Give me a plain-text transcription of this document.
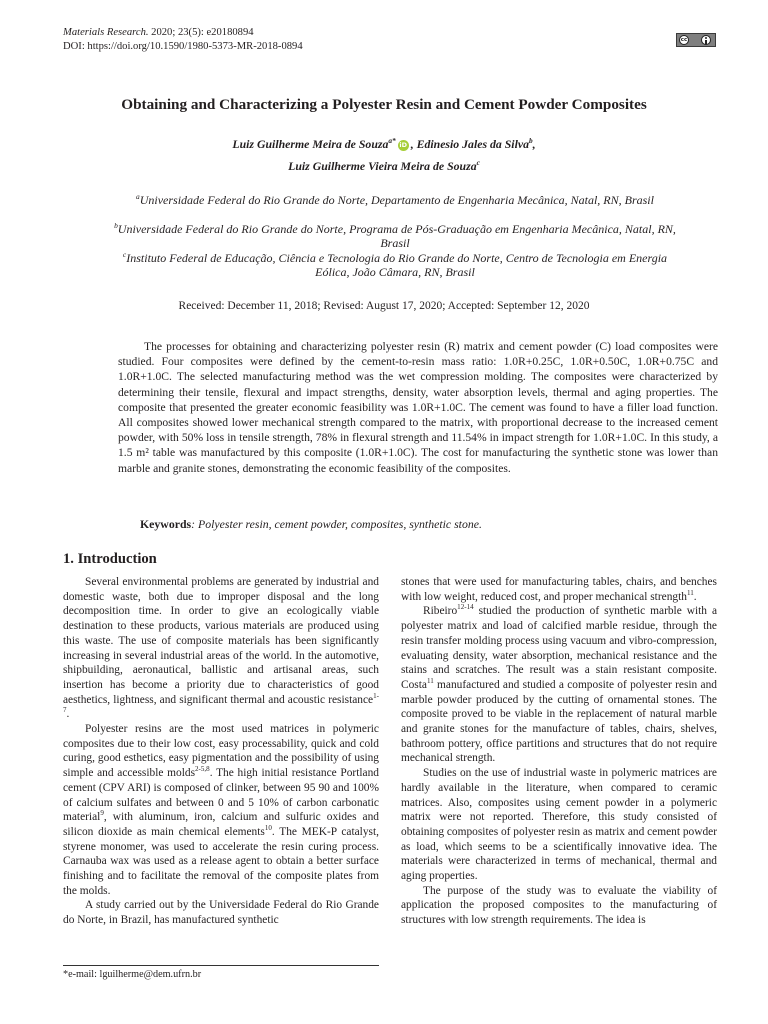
Materials Research. 2020; 23(5): e20180894
DOI: https://doi.org/10.1590/1980-5373-MR-2018-0894
cc
Obtaining and Characterizing a Polyester Resin and Cement Powder Composites
Luiz Guilherme Meira de Souza$^{a*}$ iD , Edinesio Jales da Silva$^b$,
Luiz Guilherme Vieira Meira de Souza$^c$
$^a$Universidade Federal do Rio Grande do Norte, Departamento de Engenharia Mecânica, Natal, RN, Brasil
$^b$Universidade Federal do Rio Grande do Norte, Programa de Pós-Graduação em Engenharia Mecânica, Natal, RN, Brasil
$^c$Instituto Federal de Educação, Ciência e Tecnologia do Rio Grande do Norte, Centro de Tecnologia em Energia Eólica, João Câmara, RN, Brasil
Received: December 11, 2018; Revised: August 17, 2020; Accepted: September 12, 2020

The processes for obtaining and characterizing polyester resin (R) matrix and cement powder (C) load composites were studied. Four composites were defined by the cement-to-resin mass ratio: 1.0R+0.25C, 1.0R+0.50C, 1.0R+0.75C and 1.0R+1.0C. The selected manufacturing method was the wet compression molding. The composites were characterized by determining their tensile, flexural and impact strengths, density, water absorption levels, thermal and aging properties. The composite that presented the greater economic feasibility was 1.0R+1.0C. The cement was found to have a filler load function. All composites showed lower mechanical strength compared to the matrix, with proportional decrease to the increased cement powder, with 50% loss in tensile strength, 78% in flexural strength and 11.54% in impact strength for 1.0R+1.0C. In this study, a 1.5 m² table was manufactured by this composite (1.0R+1.0C). The cost for manufacturing the synthetic stone was lower than marble and granite stones, demonstrating the economic feasibility of the composites.

Keywords: Polyester resin, cement powder, composites, synthetic stone.
1. Introduction

Several environmental problems are generated by industrial and domestic waste, both due to improper disposal and the long decomposition time. In order to give an ecologically viable destination to these products, various materials are produced using this waste. The use of composite materials has been significantly increasing in several industrial areas of the world. In the automotive, shipbuilding, aeronautical, ballistic and artisanal areas, such insertion has become a priority due to characteristics of good aesthetics, lightness, and significant thermal and acoustic resistance$^{1-7}$.

Polyester resins are the most used matrices in polymeric composites due to their low cost, easy processability, quick and cold curing, good esthetics, easy pigmentation and the possibility of using simple and accessible molds$^{2-5,8}$. The high initial resistance Portland cement (CPV ARI) is composed of clinker, between 95 90 and 100% of calcium sulfates and between 0 and 5 10% of carbon carbonatic material$^9$, with aluminum, iron, calcium and sulfuric oxides and silicon dioxide as main chemical elements$^{10}$. The MEK-P catalyst, styrene monomer, was used to accelerate the resin curing process. Carnauba wax was used as a release agent to obtain a better surface finishing and to facilitate the removal of the composite plates from the molds.

A study carried out by the Universidade Federal do Rio Grande do Norte, in Brazil, has manufactured synthetic

stones that were used for manufacturing tables, chairs, and benches with low weight, reduced cost, and proper mechanical strength$^{11}$.

Ribeiro$^{12-14}$ studied the production of synthetic marble with a polyester matrix and load of calcified marble residue, through the resin transfer molding process using vacuum and vibro-compression, evaluating density, water absorption, mechanical resistance and the stains and scratches. The result was a stain resistant composite. Costa$^{11}$ manufactured and studied a composite of polyester resin and marble powder produced by the cutting of ornamental stones. The composite proved to be viable in the replacement of natural marble and granite stones for the manufacture of tables, chairs, shelves, bathroom pottery, office partitions and structures that do not require mechanical strength.

Studies on the use of industrial waste in polymeric matrices are hardly available in the literature, when compared to ceramic matrices. Also, composites using cement powder in a polymeric matrix were not reported. Therefore, this study consisted of obtaining composites of polyester resin as matrix and cement powder as load, which seems to be a scientifically innovative idea. The materials were characterized in terms of mechanical, thermal and aging properties.

The purpose of the study was to evaluate the viability of application the proposed composites to the manufacturing of structures with low strength requirements. The idea is

*e-mail: lguilherme@dem.ufrn.br
